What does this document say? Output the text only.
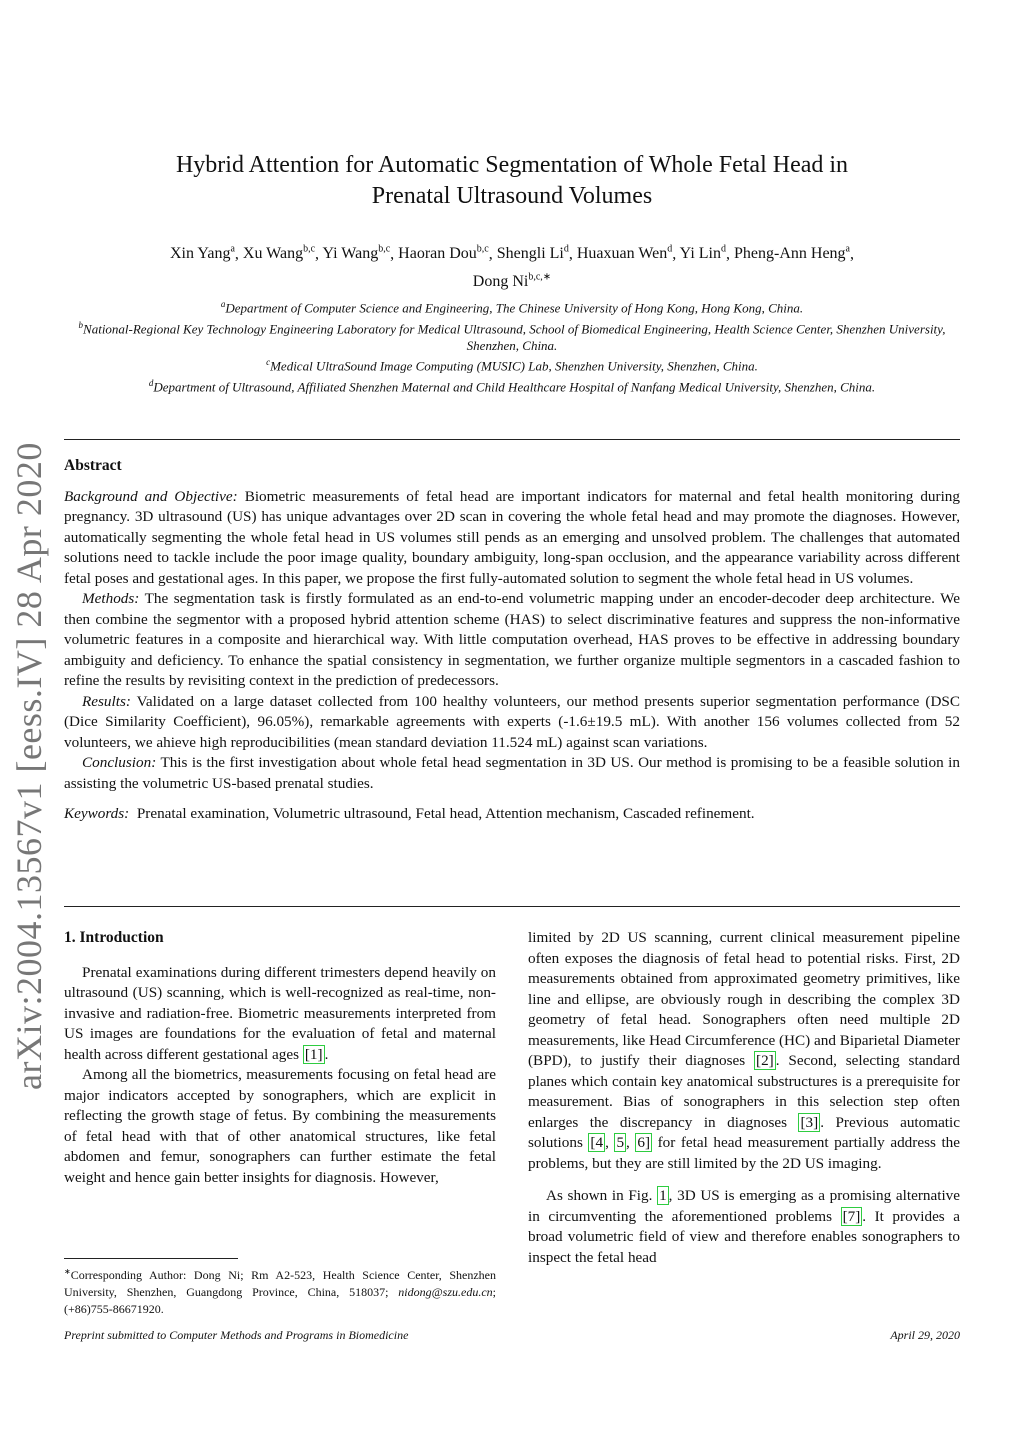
arXiv:2004.13567v1 [eess.IV] 28 Apr 2020
Hybrid Attention for Automatic Segmentation of Whole Fetal Head in
Prenatal Ultrasound Volumes
Xin Yang$^a$, Xu Wang$^{b,c}$, Yi Wang$^{b,c}$, Haoran Dou$^{b,c}$, Shengli Li$^d$, Huaxuan Wen$^d$, Yi Lin$^d$, Pheng-Ann Heng$^a$,
Dong $Ni^{b,c,∗}$
$^a$Department of Computer Science and Engineering, The Chinese University of Hong Kong, Hong Kong, China.
$^b$National-Regional Key Technology Engineering Laboratory for Medical Ultrasound, School of Biomedical Engineering, Health Science Center, Shenzhen University, Shenzhen, China.
$^c$Medical UltraSound Image Computing (MUSIC) Lab, Shenzhen University, Shenzhen, China.
$^d$Department of Ultrasound, Affiliated Shenzhen Maternal and Child Healthcare Hospital of Nanfang Medical University, Shenzhen, China.
Abstract

Background and Objective: Biometric measurements of fetal head are important indicators for maternal and fetal health monitoring during pregnancy. 3D ultrasound (US) has unique advantages over 2D scan in covering the whole fetal head and may promote the diagnoses. However, automatically segmenting the whole fetal head in US volumes still pends as an emerging and unsolved problem. The challenges that automated solutions need to tackle include the poor image quality, boundary ambiguity, long-span occlusion, and the appearance variability across different fetal poses and gestational ages. In this paper, we propose the first fully-automated solution to segment the whole fetal head in US volumes.

Methods: The segmentation task is firstly formulated as an end-to-end volumetric mapping under an encoder-decoder deep architecture. We then combine the segmentor with a proposed hybrid attention scheme (HAS) to select discriminative features and suppress the non-informative volumetric features in a composite and hierarchical way. With little computation overhead, HAS proves to be effective in addressing boundary ambiguity and deficiency. To enhance the spatial consistency in segmentation, we further organize multiple segmentors in a cascaded fashion to refine the results by revisiting context in the prediction of predecessors.

Results: Validated on a large dataset collected from 100 healthy volunteers, our method presents superior segmentation performance (DSC (Dice Similarity Coefficient), 96.05%), remarkable agreements with experts (-1.6±19.5 mL). With another 156 volumes collected from 52 volunteers, we ahieve high reproducibilities (mean standard deviation 11.524 mL) against scan variations.

Conclusion: This is the first investigation about whole fetal head segmentation in 3D US. Our method is promising to be a feasible solution in assisting the volumetric US-based prenatal studies.

Keywords: Prenatal examination, Volumetric ultrasound, Fetal head, Attention mechanism, Cascaded refinement.

1. Introduction

Prenatal examinations during different trimesters depend heavily on ultrasound (US) scanning, which is well-recognized as real-time, non-invasive and radiation-free. Biometric measurements interpreted from US images are foundations for the evaluation of fetal and maternal health across different gestational ages [1] .

Among all the biometrics, measurements focusing on fetal head are major indicators accepted by sonographers, which are explicit in reflecting the growth stage of fetus. By combining the measurements of fetal head with that of other anatomical structures, like fetal abdomen and femur, sonographers can further estimate the fetal weight and hence gain better insights for diagnosis. However,

limited by 2D US scanning, current clinical measurement pipeline often exposes the diagnosis of fetal head to potential risks. First, 2D measurements obtained from approximated geometry primitives, like line and ellipse, are obviously rough in describing the complex 3D geometry of fetal head. Sonographers often need multiple 2D measurements, like Head Circumference (HC) and Biparietal Diameter (BPD), to justify their diagnoses [2] . Second, selecting standard planes which contain key anatomical substructures is a prerequisite for measurement. Bias of sonographers in this selection step often enlarges the discrepancy in diagnoses [3] . Previous automatic solutions [4 , 5 , 6] for fetal head measurement partially address the problems, but they are still limited by the 2D US imaging.

As shown in Fig. 1 , 3D US is emerging as a promising alternative in circumventing the aforementioned problems [7] . It provides a broad volumetric field of view and therefore enables sonographers to inspect the fetal head

∗Corresponding Author: Dong Ni; Rm A2-523, Health Science Center, Shenzhen University, Shenzhen, Guangdong Province, China, 518037; nidong@szu.edu.cn; (+86)755-86671920.
Preprint submitted to Computer Methods and Programs in Biomedicine	April 29, 2020
